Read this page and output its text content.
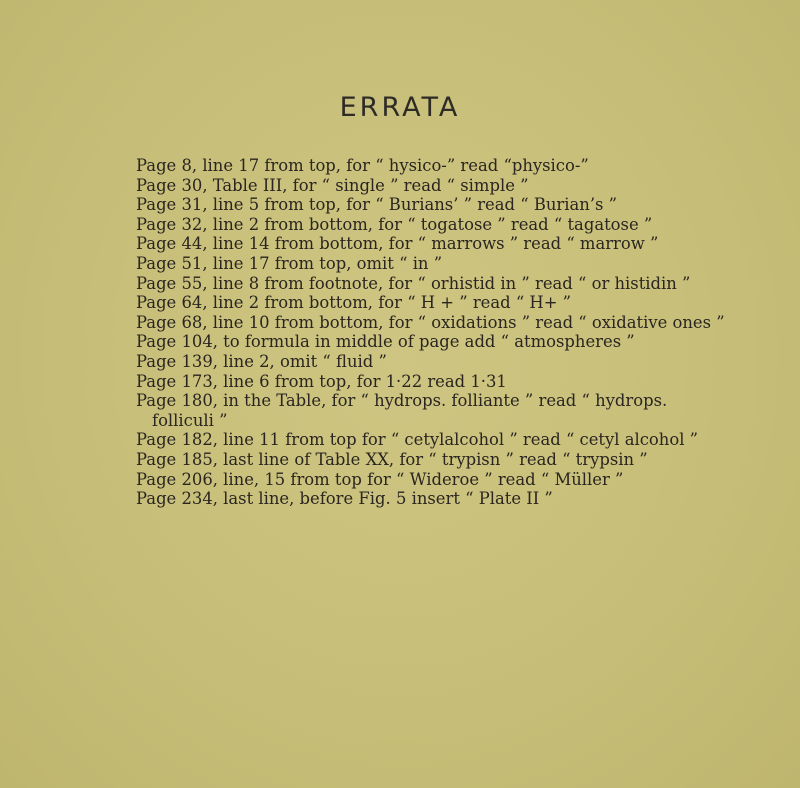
ERRATA
Page 8, line 17 from top, for “ hysico-” read “physico-”
Page 30, Table III, for “ single ” read “ simple ”
Page 31, line 5 from top, for “ Burians’ ” read “ Burian’s ”
Page 32, line 2 from bottom, for “ togatose ” read “ tagatose ”
Page 44, line 14 from bottom, for “ marrows ” read “ marrow ”
Page 51, line 17 from top, omit “ in ”
Page 55, line 8 from footnote, for “ orhistid in ” read “ or histidin ”
Page 64, line 2 from bottom, for “ H + ” read “ H+ ”
Page 68, line 10 from bottom, for “ oxidations ” read “ oxidative ones ”
Page 104, to formula in middle of page add “ atmospheres ”
Page 139, line 2, omit “ fluid ”
Page 173, line 6 from top, for 1·22 read 1·31
Page 180, in the Table, for “ hydrops. folliante ” read “ hydrops.
folliculi ”
Page 182, line 11 from top for “ cetylalcohol ” read “ cetyl alcohol ”
Page 185, last line of Table XX, for “ trypisn ” read “ trypsin ”
Page 206, line, 15 from top for “ Wideroe ” read “ Müller ”
Page 234, last line, before Fig. 5 insert “ Plate II ”
